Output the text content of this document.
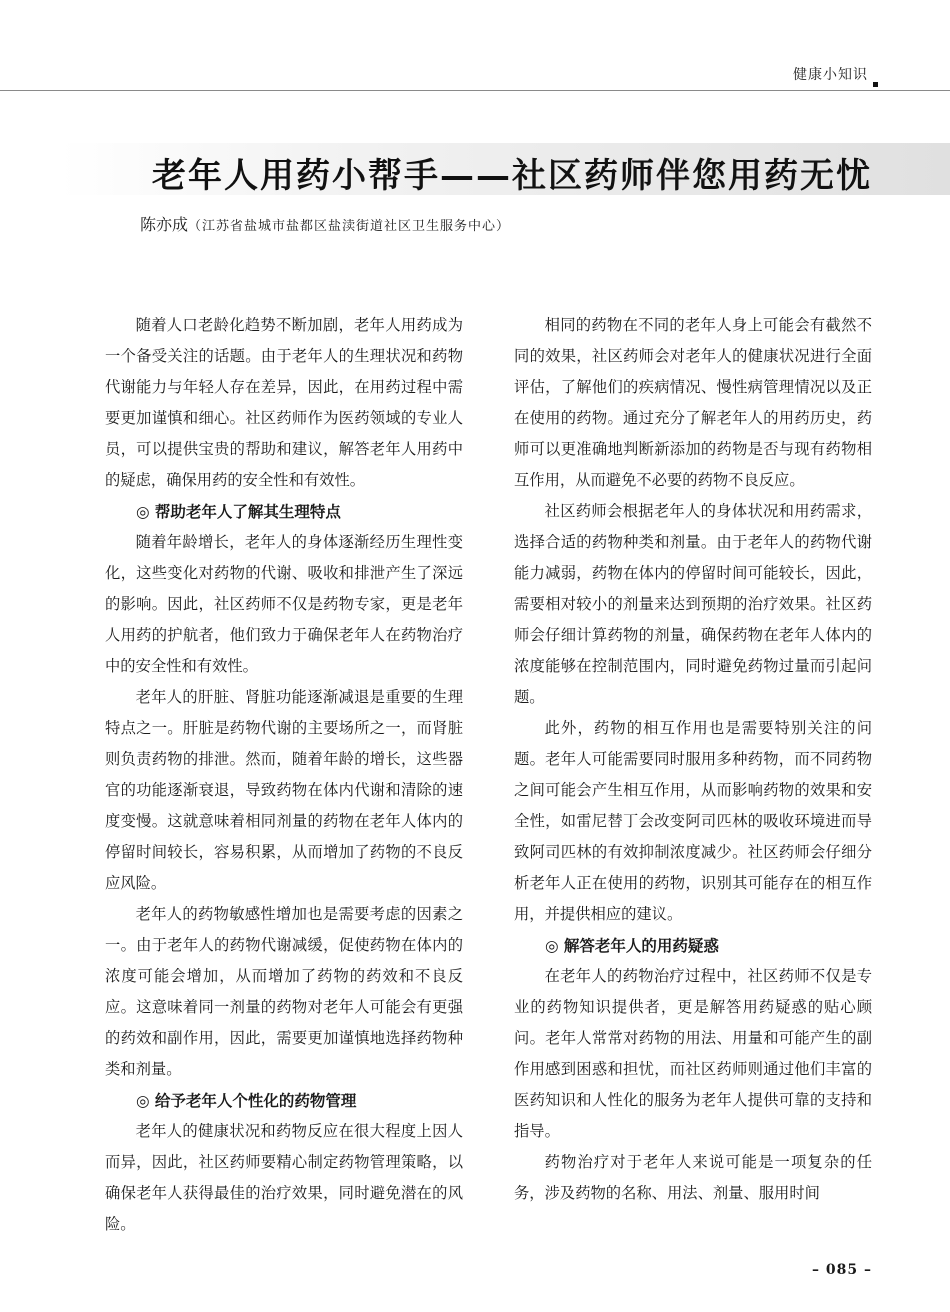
健康小知识
老年人用药小帮手——社区药师伴您用药无忧
陈亦成（江苏省盐城市盐都区盐渎街道社区卫生服务中心）

随着人口老龄化趋势不断加剧，老年人用药成为一个备受关注的话题。由于老年人的生理状况和药物代谢能力与年轻人存在差异，因此，在用药过程中需要更加谨慎和细心。社区药师作为医药领域的专业人员，可以提供宝贵的帮助和建议，解答老年人用药中的疑虑，确保用药的安全性和有效性。

◎ 帮助老年人了解其生理特点

随着年龄增长，老年人的身体逐渐经历生理性变化，这些变化对药物的代谢、吸收和排泄产生了深远的影响。因此，社区药师不仅是药物专家，更是老年人用药的护航者，他们致力于确保老年人在药物治疗中的安全性和有效性。

老年人的肝脏、肾脏功能逐渐减退是重要的生理特点之一。肝脏是药物代谢的主要场所之一，而肾脏则负责药物的排泄。然而，随着年龄的增长，这些器官的功能逐渐衰退，导致药物在体内代谢和清除的速度变慢。这就意味着相同剂量的药物在老年人体内的停留时间较长，容易积累，从而增加了药物的不良反应风险。

老年人的药物敏感性增加也是需要考虑的因素之一。由于老年人的药物代谢减缓，促使药物在体内的浓度可能会增加，从而增加了药物的药效和不良反应。这意味着同一剂量的药物对老年人可能会有更强的药效和副作用，因此，需要更加谨慎地选择药物种类和剂量。

◎ 给予老年人个性化的药物管理

老年人的健康状况和药物反应在很大程度上因人而异，因此，社区药师要精心制定药物管理策略，以确保老年人获得最佳的治疗效果，同时避免潜在的风险。

相同的药物在不同的老年人身上可能会有截然不同的效果，社区药师会对老年人的健康状况进行全面评估，了解他们的疾病情况、慢性病管理情况以及正在使用的药物。通过充分了解老年人的用药历史，药师可以更准确地判断新添加的药物是否与现有药物相互作用，从而避免不必要的药物不良反应。

社区药师会根据老年人的身体状况和用药需求，选择合适的药物种类和剂量。由于老年人的药物代谢能力减弱，药物在体内的停留时间可能较长，因此，需要相对较小的剂量来达到预期的治疗效果。社区药师会仔细计算药物的剂量，确保药物在老年人体内的浓度能够在控制范围内，同时避免药物过量而引起问题。

此外，药物的相互作用也是需要特别关注的问题。老年人可能需要同时服用多种药物，而不同药物之间可能会产生相互作用，从而影响药物的效果和安全性，如雷尼替丁会改变阿司匹林的吸收环境进而导致阿司匹林的有效抑制浓度减少。社区药师会仔细分析老年人正在使用的药物，识别其可能存在的相互作用，并提供相应的建议。

◎ 解答老年人的用药疑惑

在老年人的药物治疗过程中，社区药师不仅是专业的药物知识提供者，更是解答用药疑惑的贴心顾问。老年人常常对药物的用法、用量和可能产生的副作用感到困惑和担忧，而社区药师则通过他们丰富的医药知识和人性化的服务为老年人提供可靠的支持和指导。

药物治疗对于老年人来说可能是一项复杂的任务，涉及药物的名称、用法、剂量、服用时间

– 085 –
